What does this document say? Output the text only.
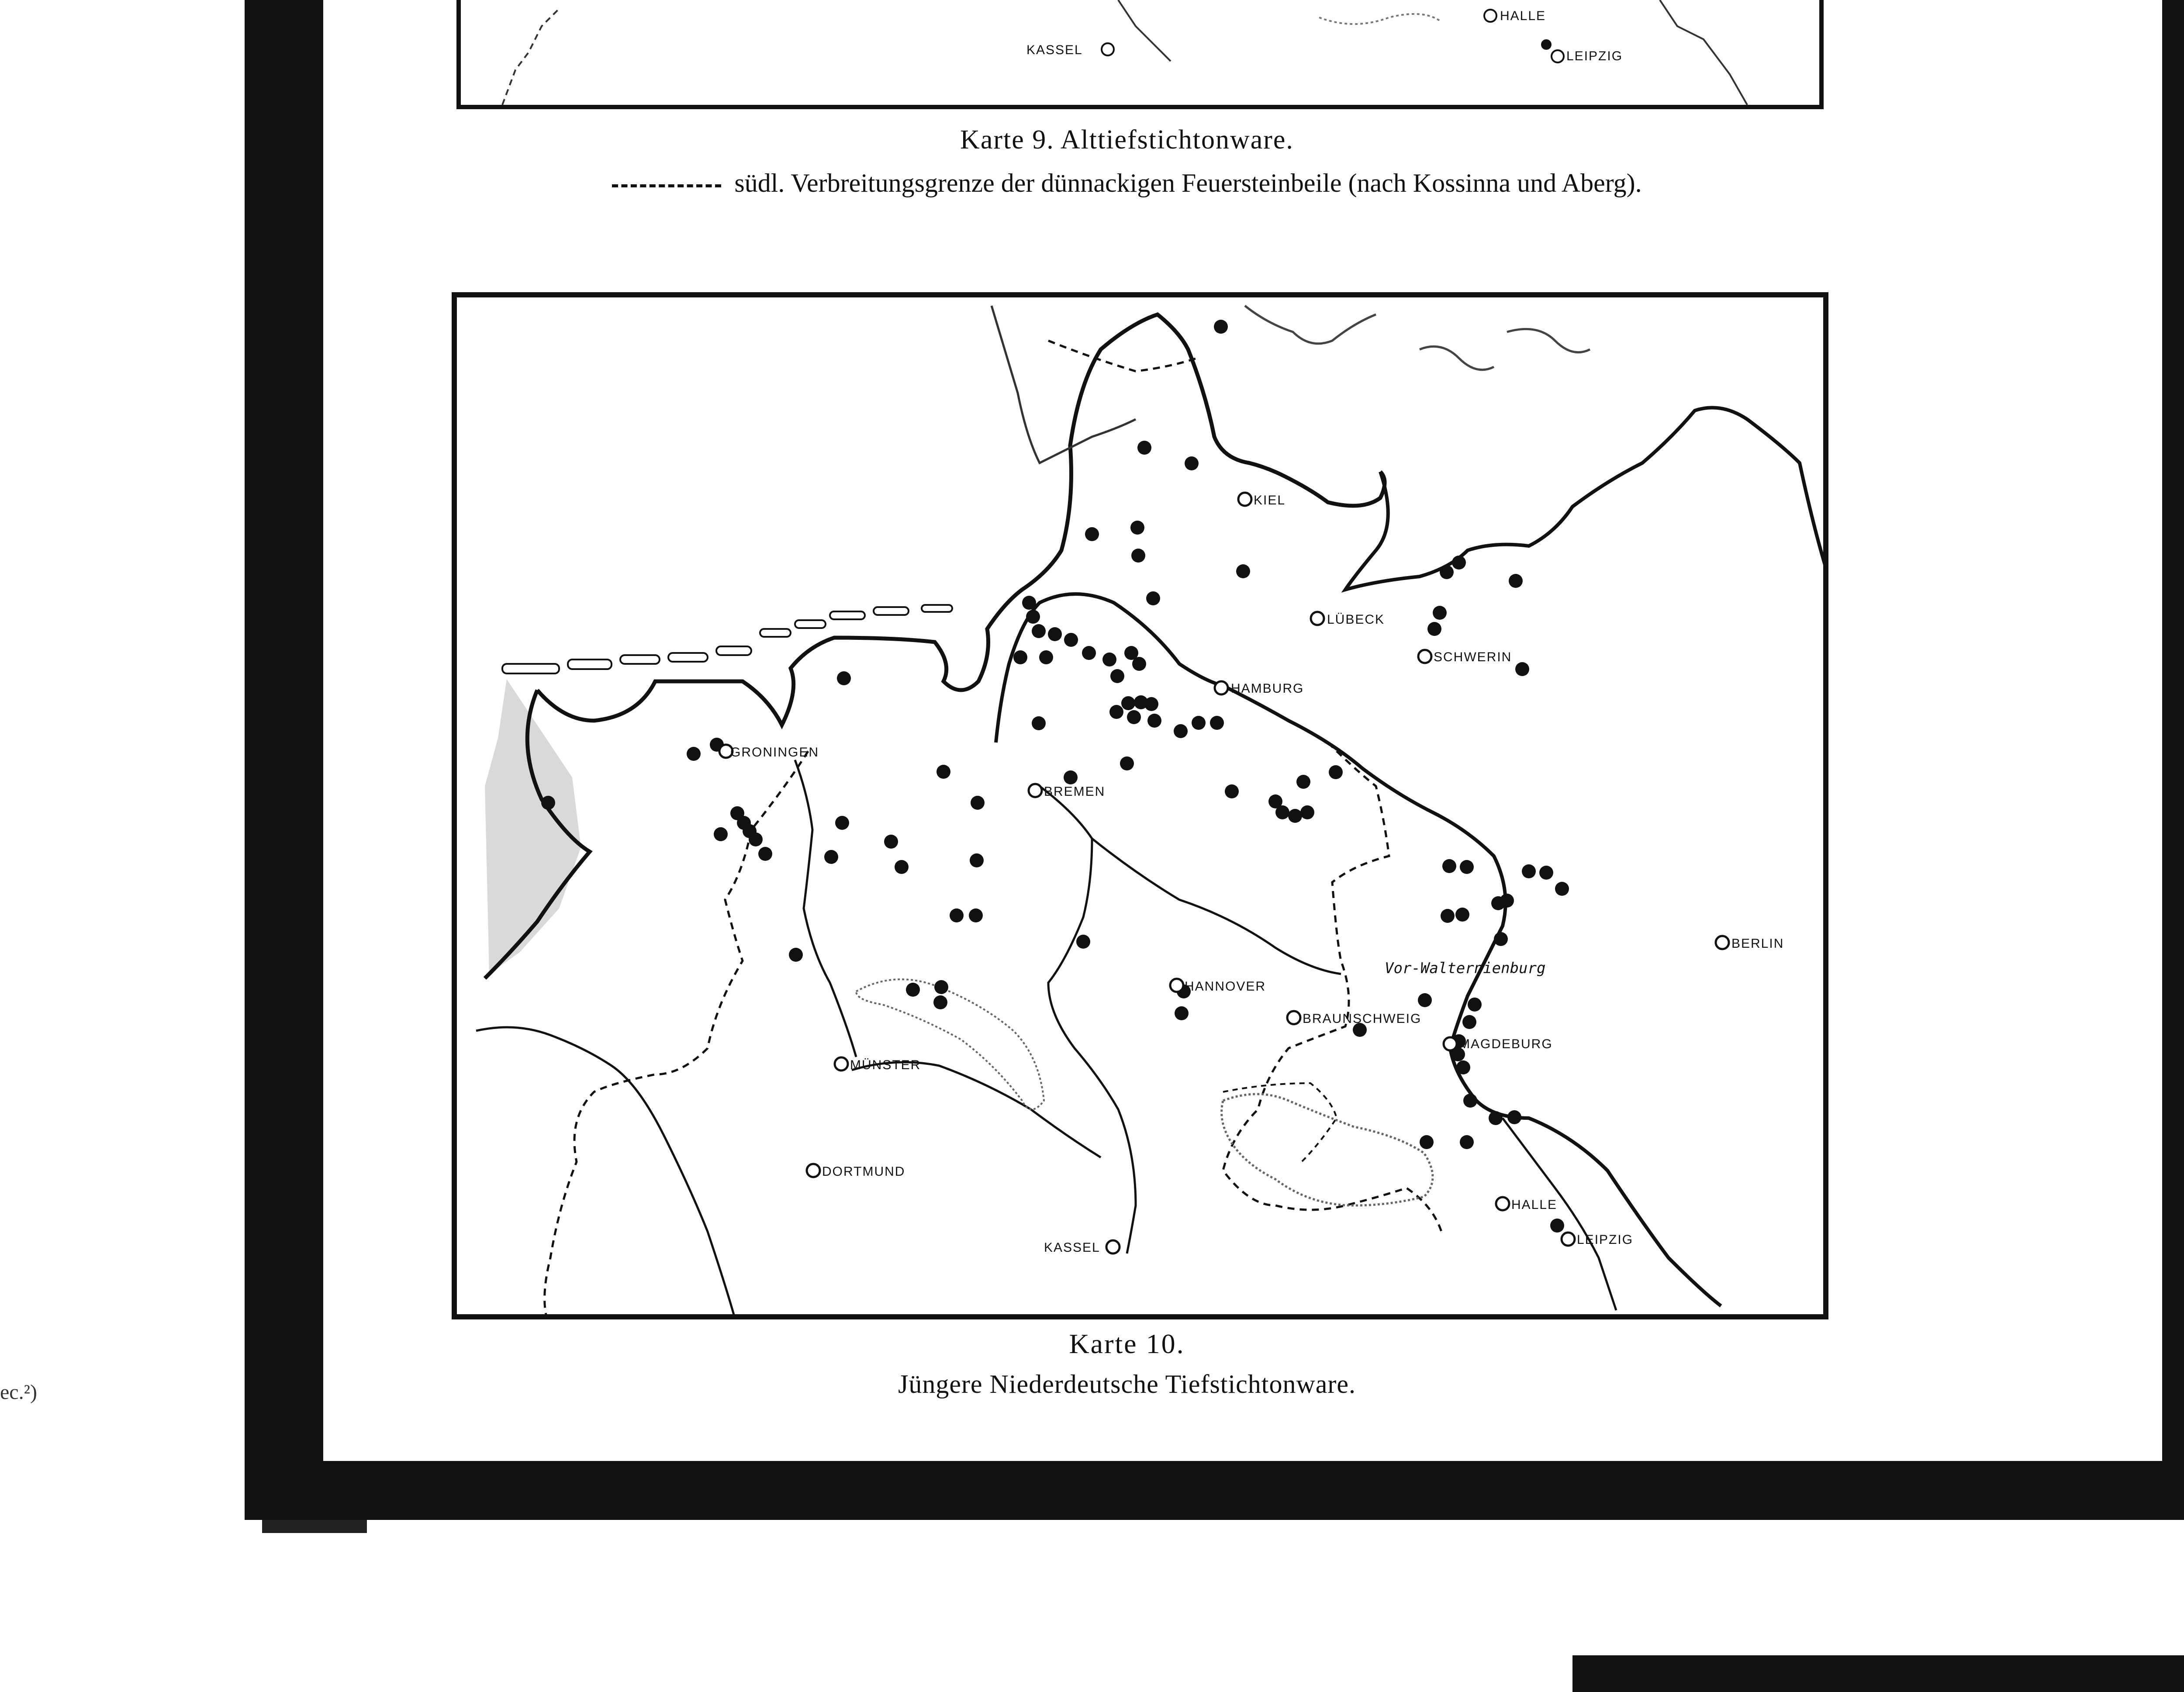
HALLE
KASSEL	LEIPZIG
KIEL
LÜBECK
SCHWERIN
HAMBURG
GRONINGEN
BREMEN
BERLIN
HANNOVER
BRAUNSCHWEIG
MAGDEBURG
MÜNSTER
DORTMUND
HALLE
LEIPZIG
KASSEL
Vor-Walternienburg
Karte 9. Alttiefstichtonware.
südl. Verbreitungsgrenze der dünnackigen Feuersteinbeile (nach Kossinna und Aberg).
Karte 10.
Jüngere Niederdeutsche Tiefstichtonware.
ec.²)
